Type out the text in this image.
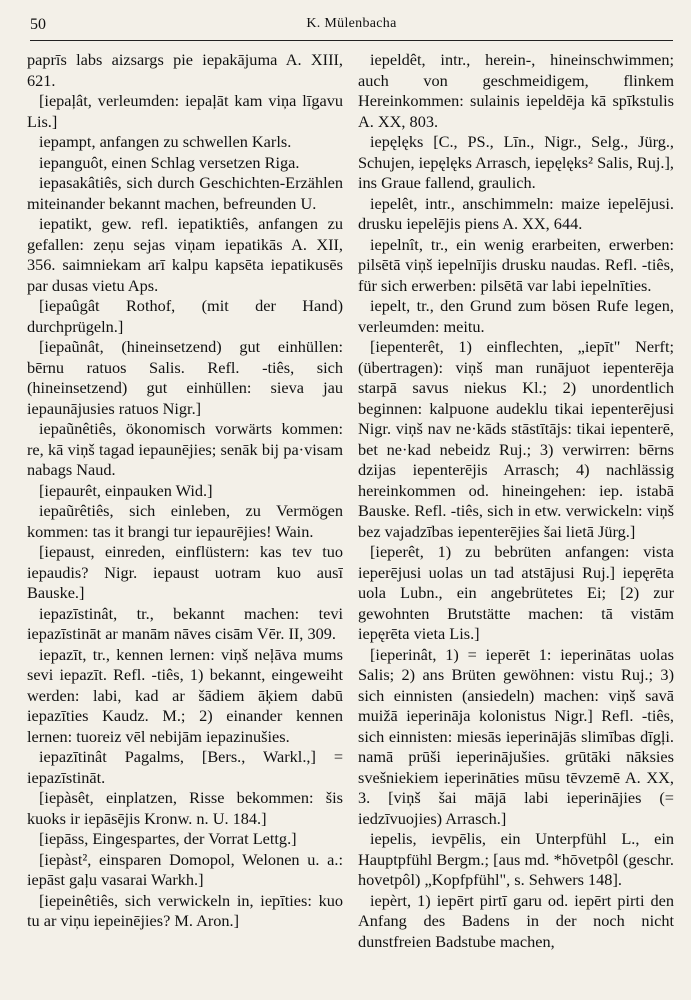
50	K. Mülenbacha

paprīs labs aizsargs pie iepakājuma A. XIII, 621.

[iepaļât, verleumden: iepaļāt kam viņa līgavu Lis.]

iepampt, anfangen zu schwellen Karls.

iepanguôt, einen Schlag versetzen Riga.

iepasakâtiês, sich durch Geschichten-Erzählen miteinander bekannt machen, befreunden U.

iepatikt, gew. refl. iepatiktiês, anfangen zu gefallen: zeņu sejas viņam iepatikās A. XII, 356. saimniekam arī kalpu kapsēta iepatikusēs par dusas vietu Aps.

[iepaûgât Rothof, (mit der Hand) durchprügeln.]

[iepaũnât, (hineinsetzend) gut einhüllen: bērnu ratuos Salis. Refl. -tiês, sich (hineinsetzend) gut einhüllen: sieva jau iepaunājusies ratuos Nigr.]

iepaũnêtiês, ökonomisch vorwärts kommen: re, kā viņš tagad iepaunējies; senāk bij pa·visam nabags Naud.

[iepaurêt, einpauken Wid.]

iepaũrêtiês, sich einleben, zu Vermögen kommen: tas it brangi tur iepaurējies! Wain.

[iepaust, einreden, einflüstern: kas tev tuo iepaudis? Nigr. iepaust uotram kuo ausī Bauske.]

iepazīstinât, tr., bekannt machen: tevi iepazīstināt ar manām nāves cisām Vēr. II, 309.

iepazīt, tr., kennen lernen: viņš neļāva mums sevi iepazīt. Refl. -tiês, 1) bekannt, eingeweiht werden: labi, kad ar šādiem āķiem dabū iepazīties Kaudz. M.; 2) einander kennen lernen: tuoreiz vēl nebijām iepazinušies.

iepazītinât Pagalms, [Bers., Warkl.,] = iepazīstināt.

[iepàsêt, einplatzen, Risse bekommen: šis kuoks ir iepāsējis Kronw. n. U. 184.]

[iepāss, Eingespartes, der Vorrat Lettg.]

[iepàst², einsparen Domopol, Welonen u. a.: iepāst gaļu vasarai Warkh.]

[iepeinêtiês, sich verwickeln in, iepīties: kuo tu ar viņu iepeinējies? M. Aron.]

iepeldêt, intr., herein-, hineinschwimmen; auch von geschmeidigem, flinkem Hereinkommen: sulainis iepeldēja kā spīkstulis A. XX, 803.

iepęlęks [C., PS., Līn., Nigr., Selg., Jürg., Schujen, iepęlęks Arrasch, iepęlęks² Salis, Ruj.], ins Graue fallend, graulich.

iepelêt, intr., anschimmeln: maize iepelējusi. drusku iepelējis piens A. XX, 644.

iepelnît, tr., ein wenig erarbeiten, erwerben: pilsētā viņš iepelnījis drusku naudas. Refl. -tiês, für sich erwerben: pilsētā var labi iepelnīties.

iepelt, tr., den Grund zum bösen Rufe legen, verleumden: meitu.

[iepenterêt, 1) einflechten, „iepīt" Nerft; (übertragen): viņš man runājuot iepenterēja starpā savus niekus Kl.; 2) unordentlich beginnen: kalpuone audeklu tikai iepenterējusi Nigr. viņš nav ne·kāds stāstītājs: tikai iepenterē, bet ne·kad nebeidz Ruj.; 3) verwirren: bērns dzijas iepenterējis Arrasch; 4) nachlässig hereinkommen od. hineingehen: iep. istabā Bauske. Refl. -tiês, sich in etw. verwickeln: viņš bez vajadzības iepenterējies šai lietā Jürg.]

[ieperêt, 1) zu bebrüten anfangen: vista ieperējusi uolas un tad atstājusi Ruj.] iepęrēta uola Lubn., ein angebrütetes Ei; [2) zur gewohnten Brutstätte machen: tā vistām iepęrēta vieta Lis.]

[ieperinât, 1) = ieperēt 1: ieperinātas uolas Salis; 2) ans Brüten gewöhnen: vistu Ruj.; 3) sich einnisten (ansiedeln) machen: viņš savā muižā ieperināja kolonistus Nigr.] Refl. -tiês, sich einnisten: miesās ieperinājās slimības dīgļi. namā prūši ieperinājušies. grūtāki nāksies svešniekiem ieperināties mūsu tēvzemē A. XX, 3. [viņš šai mājā labi ieperinājies (= iedzīvuojies) Arrasch.]

iepelis, ievpēlis, ein Unterpfühl L., ein Hauptpfühl Bergm.; [aus md. *hōvetpôl (geschr. hovetpôl) „Kopfpfühl", s. Sehwers 148].

iepèrt, 1) iepērt pirtī garu od. iepērt pirti den Anfang des Badens in der noch nicht dunstfreien Badstube machen,
